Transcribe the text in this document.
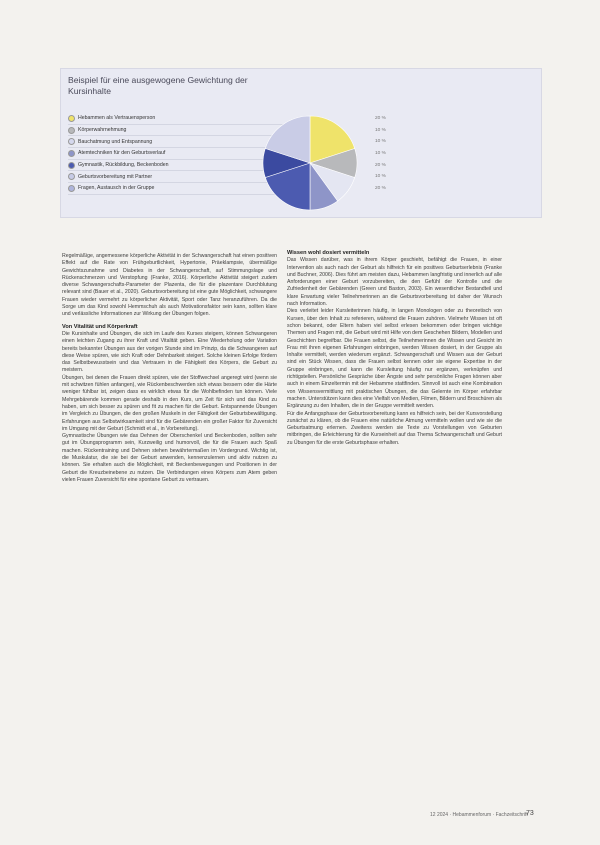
Beispiel für eine ausgewogene Gewichtung der Kursinhalte
Hebammen als Vertrauensperson	20 %
Körperwahrnehmung	10 %
Bauchatmung und Entspannung	10 %
Atemtechniken für den Geburtsverlauf	10 %
Gymnastik, Rückbildung, Beckenboden	20 %
Geburtsvorbereitung mit Partner	10 %
Fragen, Austausch in der Gruppe	20 %

Regelmäßige, angemessene körperliche Aktivität in der Schwangerschaft hat einen positiven Effekt auf die Rate von Frühgeburtlichkeit, Hypertonie, Präeklampsie, übermäßige Gewichtszunahme und Diabetes in der Schwangerschaft, auf Stimmungslage und Rückenschmerzen und Verstopfung (Franke, 2016). Körperliche Aktivität steigert zudem diverse Schwangerschafts-Parameter der Plazenta, die für die plazentare Durchblutung relevant sind (Bauer et al., 2020). Geburtsvorbereitung ist eine gute Möglichkeit, schwangere Frauen wieder vermehrt zu körperlicher Aktivität, Sport oder Tanz heranzuführen. Da die Sorge um das Kind sowohl Hemmschuh als auch Motivationsfaktor sein kann, sollten klare und verlässliche Informationen zur Wirkung der Übungen folgen.

Von Vitalität und Körperkraft

Die Kursinhalte und Übungen, die sich im Laufe des Kurses steigern, können Schwangeren einen leichten Zugang zu ihrer Kraft und Vitalität geben. Eine Wiederholung oder Variation bereits bekannter Übungen aus der vorigen Stunde sind im Prinzip, da die Schwangeren auf diese Weise spüren, wie sich Kraft oder Dehnbarkeit steigert. Solche kleinen Erfolge fördern das Selbstbewusstsein und das Vertrauen in die Fähigkeit des Körpers, die Geburt zu meistern.

Übungen, bei denen die Frauen direkt spüren, wie der Stoffwechsel angeregt wird (wenn sie mit schwitzen fühlen anfangen), wie Rückenbeschwerden sich etwas bessern oder die Härte weniger fühlbar ist, zeigen dass es wirklich etwas für die Wohlbefinden tun können. Viele Mehrgebärende kommen gerade deshalb in den Kurs, um Zeit für sich und das Kind zu haben, um sich besser zu spüren und fit zu machen für die Geburt. Entspannende Übungen im Vergleich zu Übungen, die den großen Muskeln in der Fähigkeit der Geburtsbewältigung. Erfahrungen aus Selbstwirksamkeit sind für die Gebärenden ein großer Faktor für Zuversicht im Umgang mit der Geburt (Schmidt et al., in Vorbereitung).

Gymnastische Übungen wie das Dehnen der Oberschenkel und Beckenboden, sollten sehr gut im Übungsprogramm sein, Kurzweilig und humorvoll, die für die Frauen auch Spaß machen. Rückentraining und Dehnen stehen bewährtermaßen im Vordergrund. Wichtig ist, die Muskulatur, die sie bei der Geburt anwenden, kennenzulernen und aktiv nutzen zu können. Sie erhalten auch die Möglichkeit, mit Beckenbewegungen und Positionen in der Geburt die Kreuzbeinebene zu nutzen. Die Verbindungen eines Körpers zum Atem geben vielen Frauen Zuversicht für eine spontane Geburt zu vertrauen.

Wissen wohl dosiert vermitteln

Das Wissen darüber, was in ihrem Körper geschieht, befähigt die Frauen, in einer Intervention als auch nach der Geburt als hilfreich für ein positives Geburtserlebnis (Franke und Buchner, 2006). Dies führt am meisten dazu, Hebammen langfristig und innerlich auf alle Anforderungen einer Geburt vorzubereiten, die den Gefühl der Kontrolle und die Zufriedenheit der Gebärenden (Green und Baston, 2003). Ein wesentlicher Bestandteil und klare Erwartung vieler Teilnehmerinnen an die Geburtsvorbereitung ist daher der Wunsch nach Information.

Dies verleitet leider Kursleiterinnen häufig, in langen Monologen oder zu theoretisch von Kursen, über den Inhalt zu referieren, während die Frauen zuhören. Vielmehr Wissen ist oft schon bekannt, oder Eltern haben viel selbst erlesen bekommen oder bringen wichtige Themen und Fragen mit, die Geburt wird mit Hilfe von dem Geschehen Bildern, Modellen und Geschichten begreifbar. Die Frauen selbst, die Teilnehmerinnen die Wissen und Gesicht im Frau mit ihren eigenen Erfahrungen einbringen, werden Wissen dosiert, in der Gruppe als Inhalte vermittelt, werden wiederum ergänzt. Schwangerschaft und Wissen aus der Geburt sind ein Stück Wissen, dass die Frauen selbst kennen oder sie eigene Expertise in der Gruppe einbringen, und kann die Kursleitung häufig nur ergänzen, verknüpfen und richtigstellen. Persönliche Gespräche über Ängste und sehr persönliche Fragen können aber auch in einem Einzeltermin mit der Hebamme stattfinden. Sinnvoll ist auch eine Kombination von Wissensvermittlung mit praktischen Übungen, die das Gelernte im Körper erfahrbar machen. Unterstützen kann dies eine Vielfalt von Medien, Filmen, Bildern und Broschüren als Ergänzung zu den Inhalten, die in der Gruppe vermittelt werden.

Für die Anfangsphase der Geburtsvorbereitung kann es hilfreich sein, bei der Kursvorstellung zunächst zu klären, ob die Frauen eine natürliche Atmung vermitteln wollen und wie sie die Geburtsatmung erlernen. Zweitens werden sie Texte zu Vorstellungen von Geburten mitbringen, die Erleichterung für die Kurseinheit auf das Thema Schwangerschaft und Geburt zu Übungen für die erste Geburtsphase erhalten.

12 2024 · Hebammenforum · Fachzeitschrift
73
